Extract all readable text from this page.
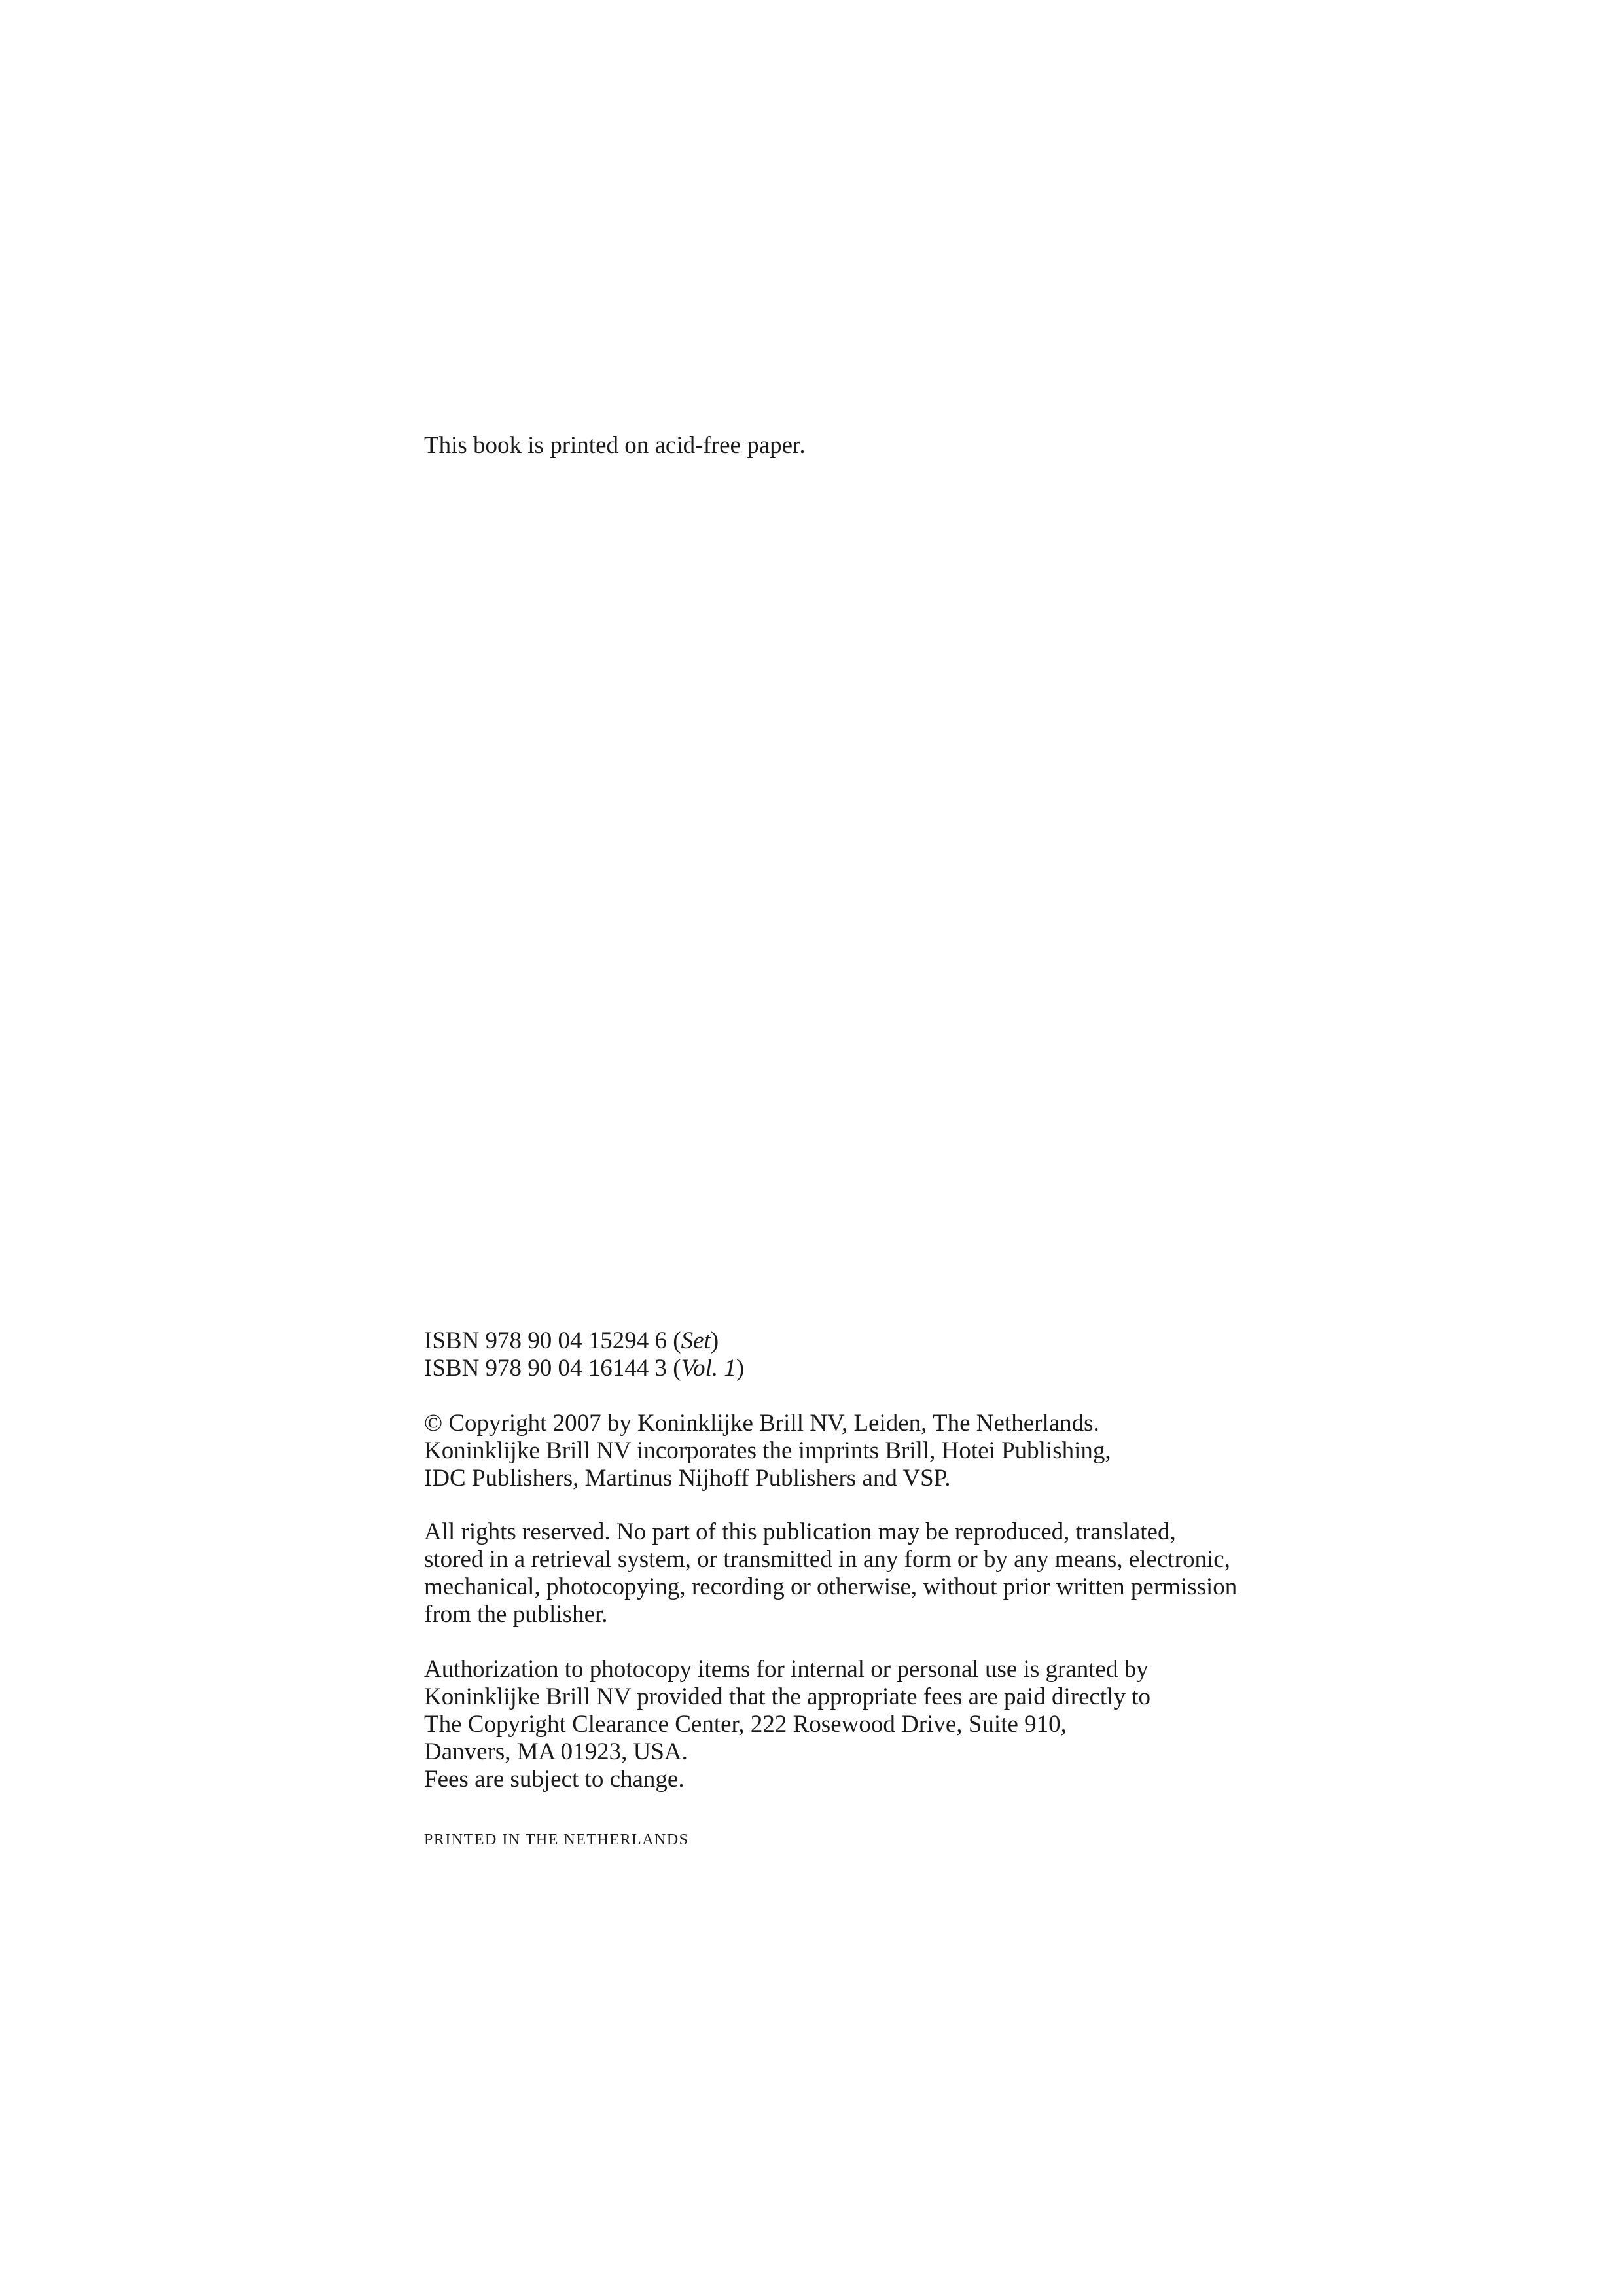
This book is printed on acid-free paper.

ISBN 978 90 04 15294 6 (Set)
ISBN 978 90 04 16144 3 (Vol. 1)
© Copyright 2007 by Koninklijke Brill NV, Leiden, The Netherlands.
Koninklijke Brill NV incorporates the imprints Brill, Hotei Publishing,
IDC Publishers, Martinus Nijhoff Publishers and VSP.
All rights reserved. No part of this publication may be reproduced, translated,
stored in a retrieval system, or transmitted in any form or by any means, electronic,
mechanical, photocopying, recording or otherwise, without prior written permission
from the publisher.
Authorization to photocopy items for internal or personal use is granted by
Koninklijke Brill NV provided that the appropriate fees are paid directly to
The Copyright Clearance Center, 222 Rosewood Drive, Suite 910,
Danvers, MA 01923, USA.
Fees are subject to change.

PRINTED IN THE NETHERLANDS
